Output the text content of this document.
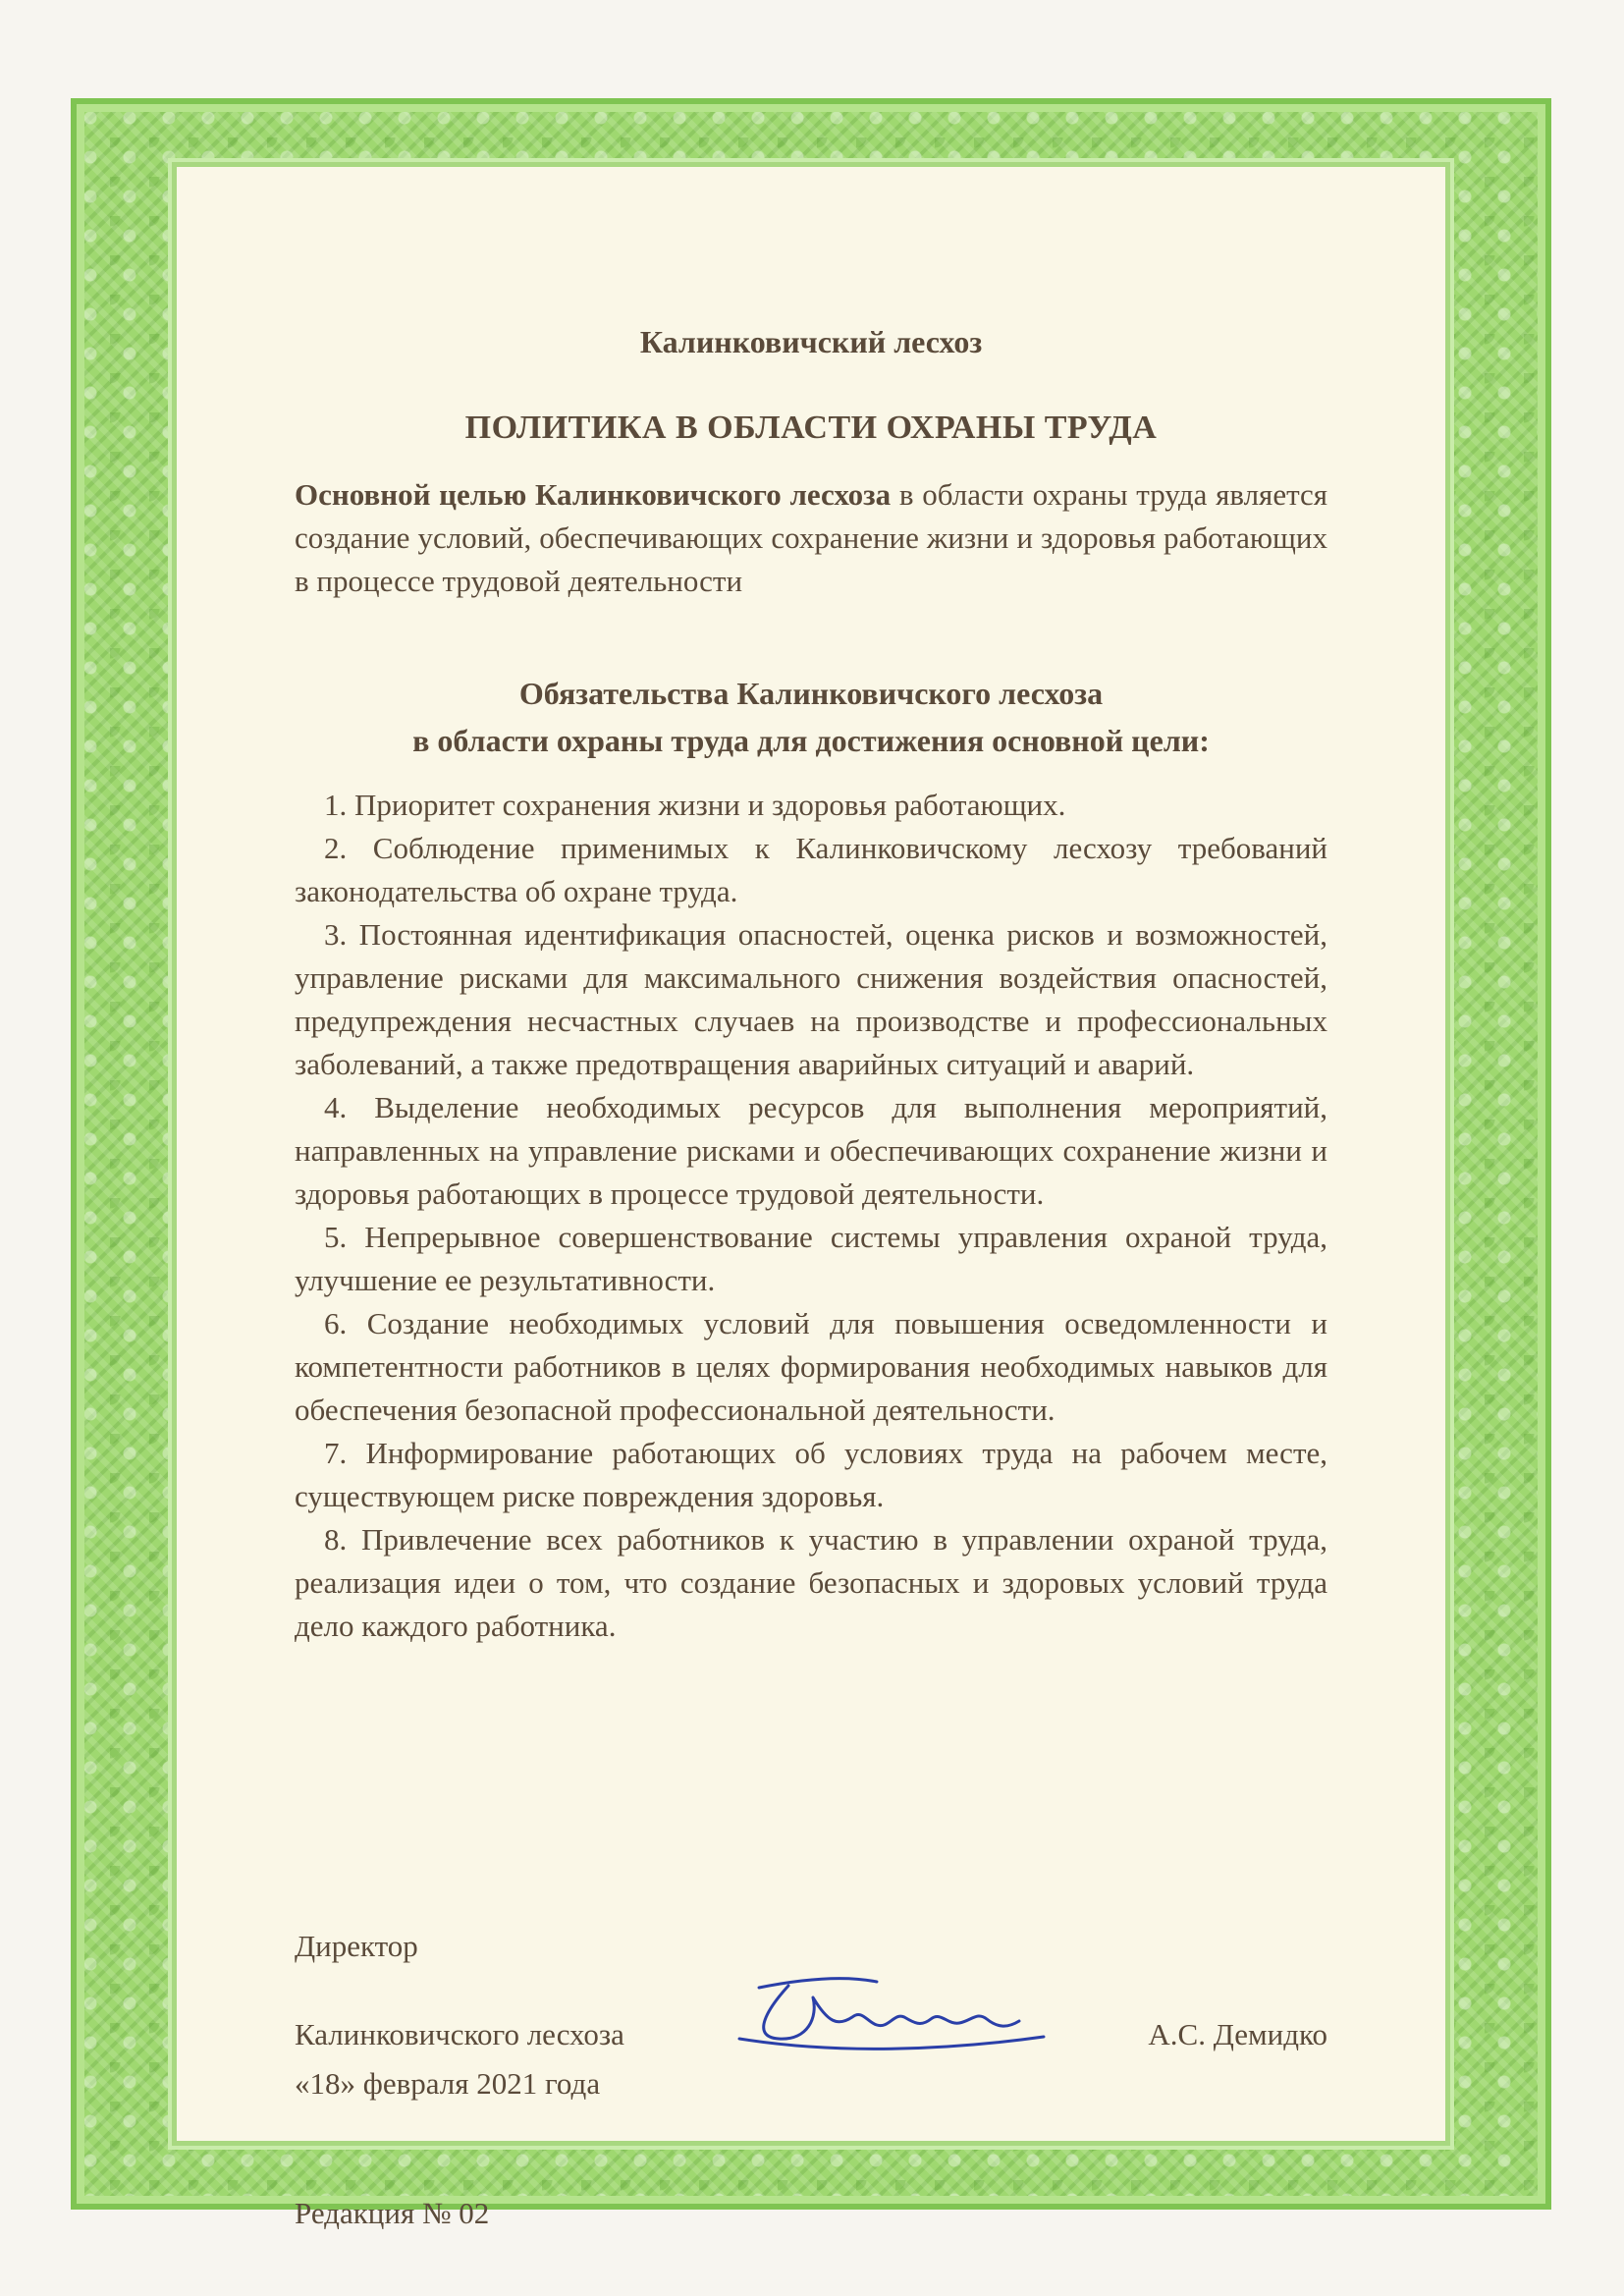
Калинковичский лесхоз
ПОЛИТИКА В ОБЛАСТИ ОХРАНЫ ТРУДА
Основной целью Калинковичского лесхоза в области охраны труда является создание условий, обеспечивающих сохранение жизни и здоровья работающих в процессе трудовой деятельности
Обязательства Калинковичского лесхоза
в области охраны труда для достижения основной цели:
1. Приоритет сохранения жизни и здоровья работающих.
2. Соблюдение применимых к Калинковичскому лесхозу требований законодательства об охране труда.
3. Постоянная идентификация опасностей, оценка рисков и возможностей, управление рисками для максимального снижения воздействия опасностей, предупреждения несчастных случаев на производстве и профессиональных заболеваний, а также предотвращения аварийных ситуаций и аварий.
4. Выделение необходимых ресурсов для выполнения мероприятий, направленных на управление рисками и обеспечивающих сохранение жизни и здоровья работающих в процессе трудовой деятельности.
5. Непрерывное совершенствование системы управления охраной труда, улучшение ее результативности.
6. Создание необходимых условий для повышения осведомленности и компетентности работников в целях формирования необходимых навыков для обеспечения безопасной профессиональной деятельности.
7. Информирование работающих об условиях труда на рабочем месте, существующем риске повреждения здоровья.
8. Привлечение всех работников к участию в управлении охраной труда, реализация идеи о том, что создание безопасных и здоровых условий труда дело каждого работника.
Директор
Калинковичского лесхоза	А.С. Демидко
«18» февраля 2021 года
Редакция № 02
